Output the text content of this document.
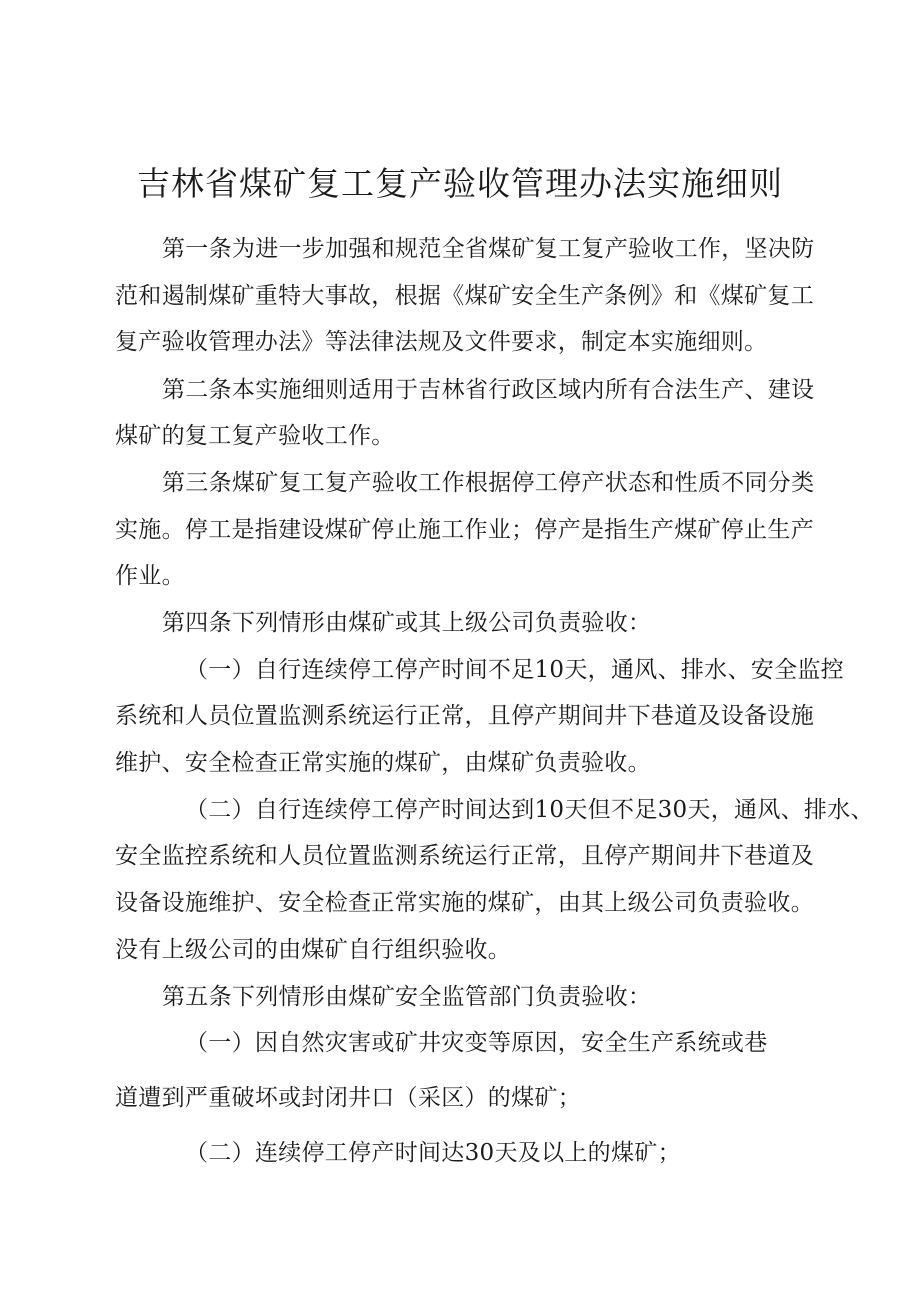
吉林省煤矿复工复产验收管理办法实施细则
第一条为进一步加强和规范全省煤矿复工复产验收工作，坚决防
范和遏制煤矿重特大事故，根据《煤矿安全生产条例》和《煤矿复工
复产验收管理办法》等法律法规及文件要求，制定本实施细则。
第二条本实施细则适用于吉林省行政区域内所有合法生产、建设
煤矿的复工复产验收工作。
第三条煤矿复工复产验收工作根据停工停产状态和性质不同分类
实施。停工是指建设煤矿停止施工作业；停产是指生产煤矿停止生产
作业。
第四条下列情形由煤矿或其上级公司负责验收：
（一）自行连续停工停产时间不足10天，通风、排水、安全监控
系统和人员位置监测系统运行正常，且停产期间井下巷道及设备设施
维护、安全检查正常实施的煤矿，由煤矿负责验收。
（二）自行连续停工停产时间达到10天但不足30天，通风、排水、
安全监控系统和人员位置监测系统运行正常，且停产期间井下巷道及
设备设施维护、安全检查正常实施的煤矿，由其上级公司负责验收。
没有上级公司的由煤矿自行组织验收。
第五条下列情形由煤矿安全监管部门负责验收：
（一）因自然灾害或矿井灾变等原因，安全生产系统或巷
道遭到严重破坏或封闭井口（采区）的煤矿；
（二）连续停工停产时间达30天及以上的煤矿；
